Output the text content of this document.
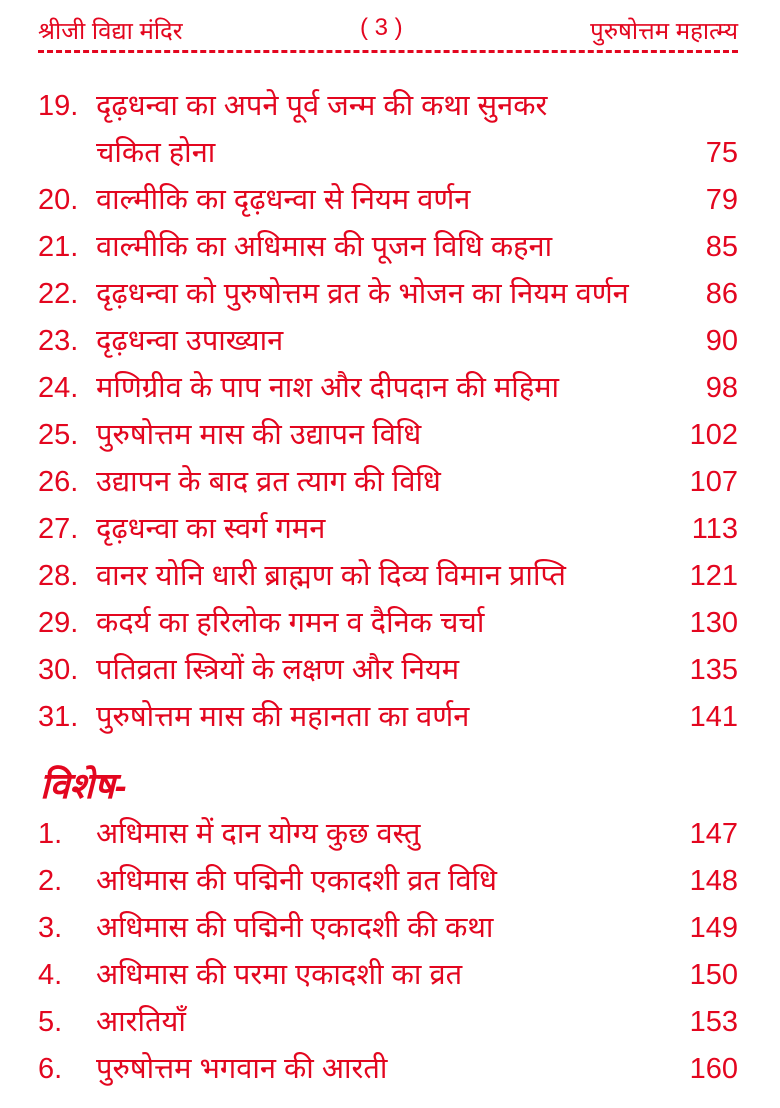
श्रीजी विद्या मंदिर	( 3 )	पुरुषोत्तम महात्म्य
19. दृढ़धन्वा का अपने पूर्व जन्म की कथा सुनकर
चकित होना	75
20. वाल्मीकि का दृढ़धन्वा से नियम वर्णन	79
21. वाल्मीकि का अधिमास की पूजन विधि कहना	85
22. दृढ़धन्वा को पुरुषोत्तम व्रत के भोजन का नियम वर्णन	86
23. दृढ़धन्वा उपाख्यान	90
24. मणिग्रीव के पाप नाश और दीपदान की महिमा	98
25. पुरुषोत्तम मास की उद्यापन विधि	102
26. उद्यापन के बाद व्रत त्याग की विधि	107
27. दृढ़धन्वा का स्वर्ग गमन	113
28. वानर योनि धारी ब्राह्मण को दिव्य विमान प्राप्ति	121
29. कदर्य का हरिलोक गमन व दैनिक चर्चा	130
30. पतिव्रता स्त्रियों के लक्षण और नियम	135
31. पुरुषोत्तम मास की महानता का वर्णन	141
विशेष-
1. अधिमास में दान योग्य कुछ वस्तु	147
2. अधिमास की पद्मिनी एकादशी व्रत विधि	148
3. अधिमास की पद्मिनी एकादशी की कथा	149
4. अधिमास की परमा एकादशी का व्रत	150
5. आरतियाँ	153
6. पुरुषोत्तम भगवान की आरती	160
